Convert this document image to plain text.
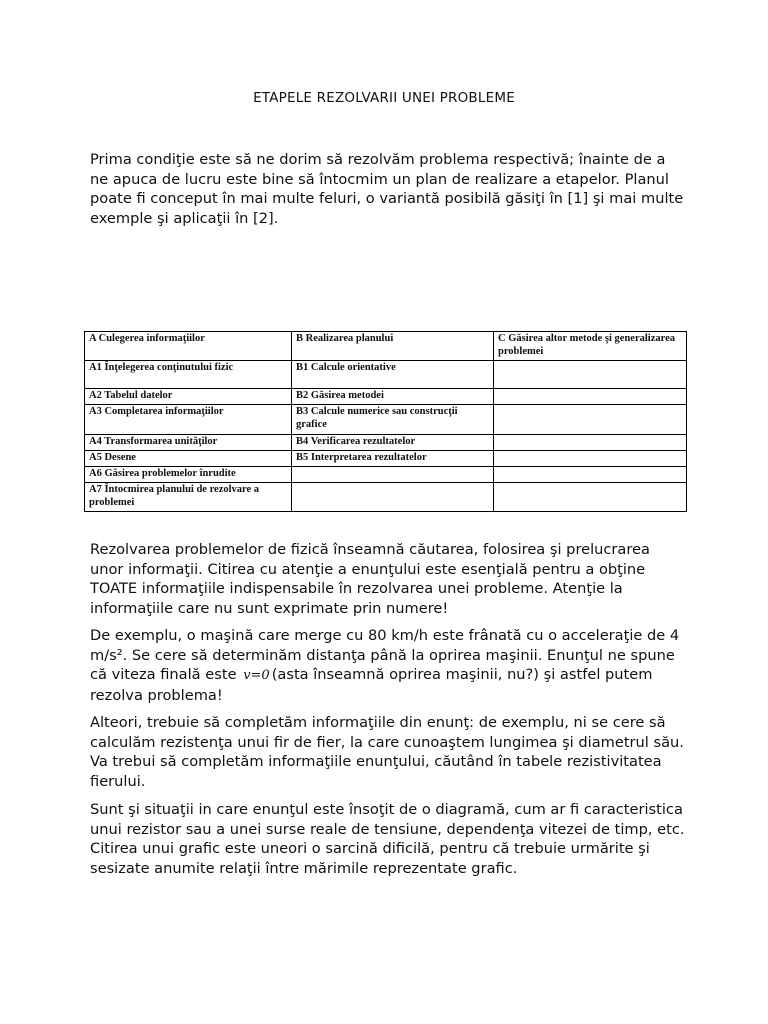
ETAPELE REZOLVARII UNEI PROBLEME

Prima condiţie este să ne dorim să rezolvăm problema respectivă; înainte de a ne apuca de lucru este bine să întocmim un plan de realizare a etapelor. Planul poate fi conceput în mai multe feluri, o variantă posibilă găsiţi în [1] şi mai multe exemple şi aplicaţii în [2].

A Culegerea informaţiilor	B Realizarea planului	C Găsirea altor metode şi generalizarea problemei
A1 Înţelegerea conţinutului fizic	B1 Calcule orientative	
A2 Tabelul datelor	B2 Găsirea metodei	
A3 Completarea informaţiilor	B3 Calcule numerice sau construcţii grafice	
A4 Transformarea unităţilor	B4 Verificarea rezultatelor	
A5 Desene	B5 Interpretarea rezultatelor	
A6 Găsirea problemelor înrudite		
A7 Întocmirea planului de rezolvare a problemei		

Rezolvarea problemelor de fizică înseamnă căutarea, folosirea şi prelucrarea unor informaţii. Citirea cu atenţie a enunţului este esenţială pentru a obţine TOATE informaţiile indispensabile în rezolvarea unei probleme. Atenţie la informaţiile care nu sunt exprimate prin numere!

De exemplu, o maşină care merge cu 80 km/h este frânată cu o acceleraţie de 4 m/s². Se cere să determinăm distanţa până la oprirea maşinii. Enunţul ne spune că viteza finală este v=0 (asta înseamnă oprirea maşinii, nu?) şi astfel putem rezolva problema!

Alteori, trebuie să completăm informaţiile din enunţ: de exemplu, ni se cere să calculăm rezistenţa unui fir de fier, la care cunoaştem lungimea şi diametrul său. Va trebui să completăm informaţiile enunţului, căutând în tabele rezistivitatea fierului.

Sunt şi situaţii in care enunţul este însoţit de o diagramă, cum ar fi caracteristica unui rezistor sau a unei surse reale de tensiune, dependenţa vitezei de timp, etc. Citirea unui grafic este uneori o sarcină dificilă, pentru că trebuie urmărite şi sesizate anumite relaţii între mărimile reprezentate grafic.
